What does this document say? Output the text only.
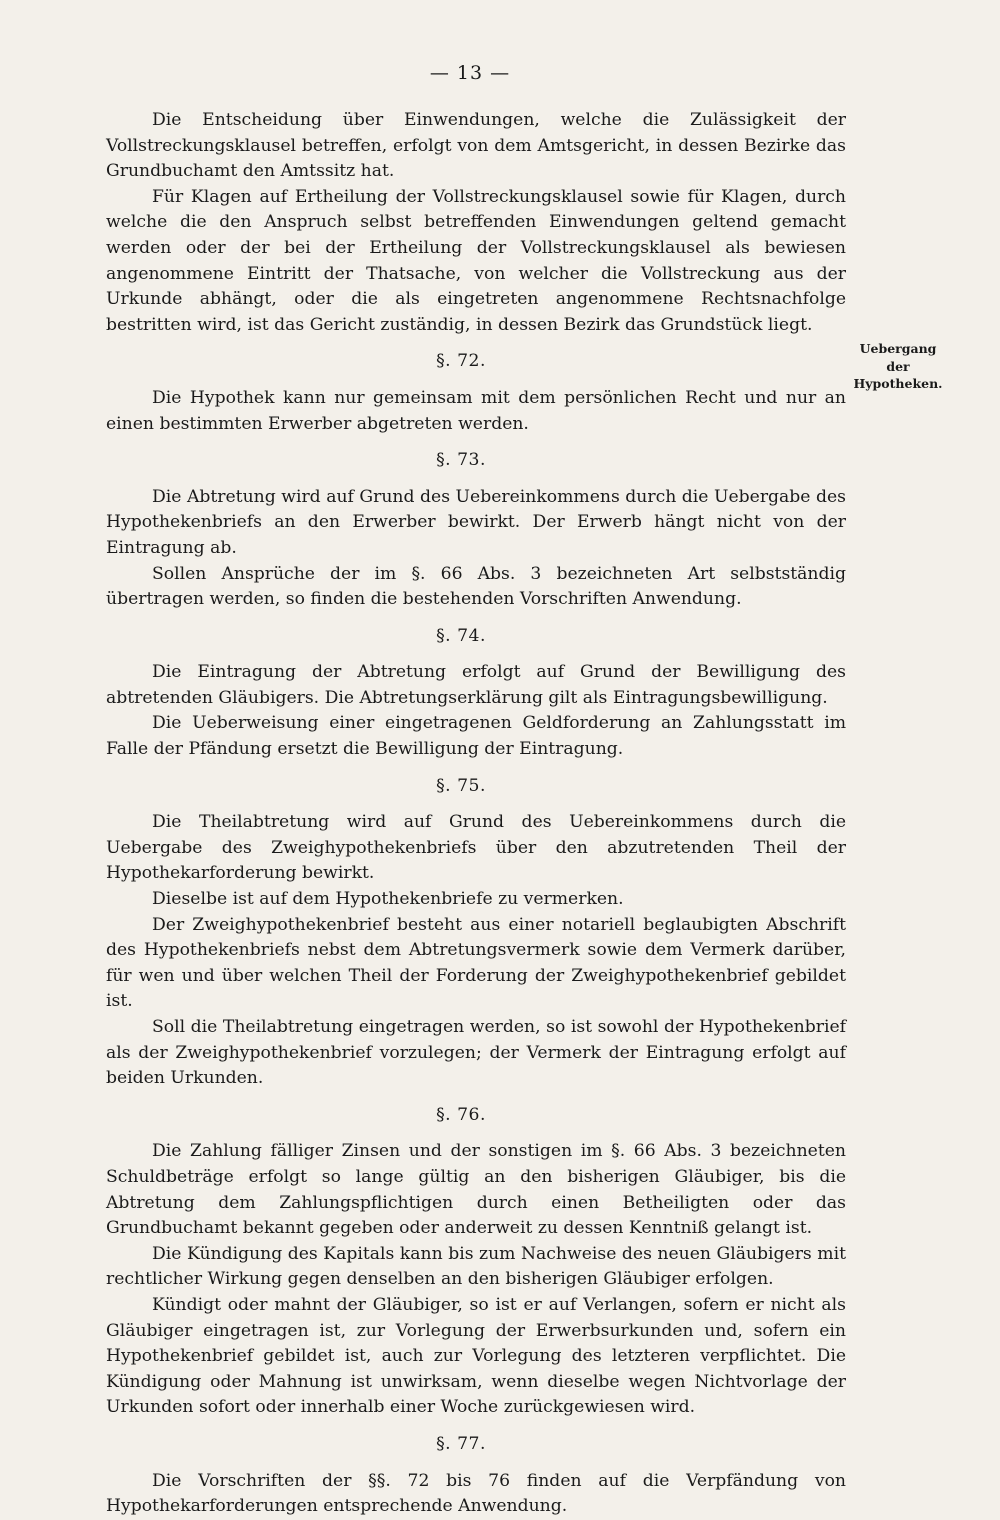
— 13 —
Uebergang
der
Hypotheken.

Die Entscheidung über Einwendungen, welche die Zulässigkeit der Vollstreckungsklausel betreffen, erfolgt von dem Amtsgericht, in dessen Bezirke das Grundbuchamt den Amtssitz hat.

Für Klagen auf Ertheilung der Vollstreckungsklausel sowie für Klagen, durch welche die den Anspruch selbst betreffenden Einwendungen geltend gemacht werden oder der bei der Ertheilung der Vollstreckungsklausel als bewiesen angenommene Eintritt der Thatsache, von welcher die Vollstreckung aus der Urkunde abhängt, oder die als eingetreten angenommene Rechtsnachfolge bestritten wird, ist das Gericht zuständig, in dessen Bezirk das Grundstück liegt.

§. 72.

Die Hypothek kann nur gemeinsam mit dem persönlichen Recht und nur an einen bestimmten Erwerber abgetreten werden.

§. 73.

Die Abtretung wird auf Grund des Uebereinkommens durch die Uebergabe des Hypothekenbriefs an den Erwerber bewirkt. Der Erwerb hängt nicht von der Eintragung ab.

Sollen Ansprüche der im §. 66 Abs. 3 bezeichneten Art selbstständig übertragen werden, so finden die bestehenden Vorschriften Anwendung.

§. 74.

Die Eintragung der Abtretung erfolgt auf Grund der Bewilligung des abtretenden Gläubigers. Die Abtretungserklärung gilt als Eintragungsbewilligung.

Die Ueberweisung einer eingetragenen Geldforderung an Zahlungsstatt im Falle der Pfändung ersetzt die Bewilligung der Eintragung.

§. 75.

Die Theilabtretung wird auf Grund des Uebereinkommens durch die Uebergabe des Zweighypothekenbriefs über den abzutretenden Theil der Hypothekarforderung bewirkt.

Dieselbe ist auf dem Hypothekenbriefe zu vermerken.

Der Zweighypothekenbrief besteht aus einer notariell beglaubigten Abschrift des Hypothekenbriefs nebst dem Abtretungsvermerk sowie dem Vermerk darüber, für wen und über welchen Theil der Forderung der Zweighypothekenbrief gebildet ist.

Soll die Theilabtretung eingetragen werden, so ist sowohl der Hypothekenbrief als der Zweighypothekenbrief vorzulegen; der Vermerk der Eintragung erfolgt auf beiden Urkunden.

§. 76.

Die Zahlung fälliger Zinsen und der sonstigen im §. 66 Abs. 3 bezeichneten Schuldbeträge erfolgt so lange gültig an den bisherigen Gläubiger, bis die Abtretung dem Zahlungspflichtigen durch einen Betheiligten oder das Grundbuchamt bekannt gegeben oder anderweit zu dessen Kenntniß gelangt ist.

Die Kündigung des Kapitals kann bis zum Nachweise des neuen Gläubigers mit rechtlicher Wirkung gegen denselben an den bisherigen Gläubiger erfolgen.

Kündigt oder mahnt der Gläubiger, so ist er auf Verlangen, sofern er nicht als Gläubiger eingetragen ist, zur Vorlegung der Erwerbsurkunden und, sofern ein Hypothekenbrief gebildet ist, auch zur Vorlegung des letzteren verpflichtet. Die Kündigung oder Mahnung ist unwirksam, wenn dieselbe wegen Nichtvorlage der Urkunden sofort oder innerhalb einer Woche zurückgewiesen wird.

§. 77.

Die Vorschriften der §§. 72 bis 76 finden auf die Verpfändung von Hypothekarforderungen entsprechende Anwendung.
